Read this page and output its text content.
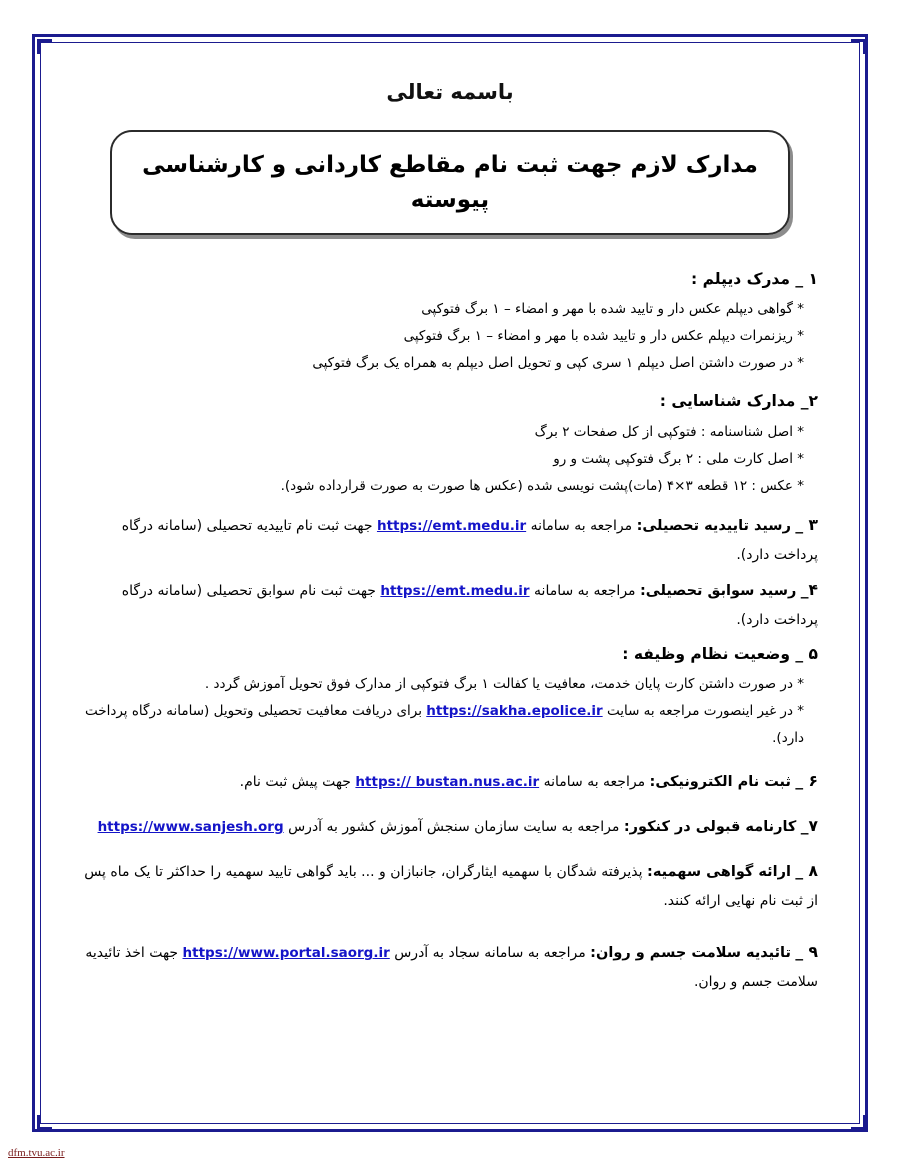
باسمه تعالی
مدارک لازم جهت ثبت نام مقاطع کاردانی و کارشناسی پیوسته
۱ _ مدرک دیپلم :
* گواهی دیپلم عکس دار و تایید شده با مهر و امضاء – ۱ برگ فتوکپی
* ریزنمرات دیپلم عکس دار و تایید شده با مهر و امضاء – ۱ برگ فتوکپی
* در صورت داشتن اصل دیپلم ۱ سری کپی و تحویل اصل دیپلم به همراه یک برگ فتوکپی
۲_ مدارک شناسایی :
* اصل شناسنامه : فتوکپی از کل صفحات ۲ برگ
* اصل کارت ملی : ۲ برگ فتوکپی پشت و رو
* عکس : ۱۲ قطعه ۳×۴ (مات)پشت نویسی شده (عکس ها صورت به صورت قرارداده شود).
۳ _ رسید تاییدیه تحصیلی: مراجعه به سامانه https://emt.medu.ir جهت ثبت نام تاییدیه تحصیلی (سامانه درگاه پرداخت دارد).
۴_ رسید سوابق تحصیلی: مراجعه به سامانه https://emt.medu.ir جهت ثبت نام سوابق تحصیلی (سامانه درگاه پرداخت دارد).
۵ _ وضعیت نظام وظیفه :
* در صورت داشتن کارت پایان خدمت، معافیت یا کفالت ۱ برگ فتوکپی از مدارک فوق تحویل آموزش گردد .
* در غیر اینصورت مراجعه به سایت https://sakha.epolice.ir برای دریافت معافیت تحصیلی وتحویل (سامانه درگاه پرداخت دارد).
۶ _ ثبت نام الکترونیکی: مراجعه به سامانه https:// bustan.nus.ac.ir جهت پیش ثبت نام.
۷_ کارنامه قبولی در کنکور: مراجعه به سایت سازمان سنجش آموزش کشور به آدرس https://www.sanjesh.org
۸ _ ارائه گواهی سهمیه: پذیرفته شدگان با سهمیه ایثارگران، جانبازان و ... باید گواهی تایید سهمیه را حداکثر تا یک ماه پس از ثبت نام نهایی ارائه کنند.
۹ _ تائیدیه سلامت جسم و روان: مراجعه به سامانه سجاد به آدرس https://www.portal.saorg.ir جهت اخذ تائیدیه سلامت جسم و روان.
dfm.tvu.ac.ir
